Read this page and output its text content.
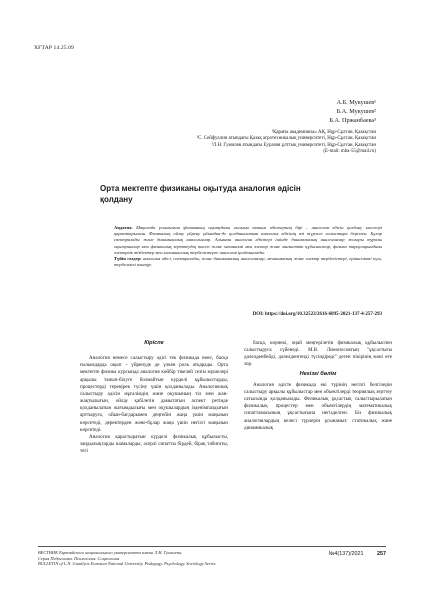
ХҒТАР 14.25.09
А.Б. Мукушев¹
Б.А. Мукушев²
Б.А. Пржанбаева³
¹Қарағы академиясы» АҚ, Нұр-Сұлтан, Қазақстан
²С. Сейфуллин атындағы Қазақ агротехникалық университеті, Нұр-Сұлтан, Қазақстан
³Л.Н. Гумилев атындағы Еуразия ұлттық университеті, Нұр-Сұлтан, Қазақстан
(E-mail: mba-55@mail.ru)
Орта мектепте физиканы оқытуда аналогия әдісін
қолдану

Аңдатпа. Мақалада ұсынылған физиканың оқытудағы ғылыми таным әдістерінің бірі – аналогия әдісін қолдану мәселері қарастырылған. Физикалық ойлау үйрену ұйымдан-де қолданылатын аналогия әдісінің өзі түрлеге салыстыра берілген. Бұлар спектральды және динамикалық аналогиялар. Алынған аналогия әдістері ішінде динамикалық аналогиялар жоғары туралы оқытушылар мен физикалық зерттеудің тәсілі және механизмі мен электр және магниттік құбылыстар, физика тарауларындағы электрлік тізбектер мен механикалық тербелістерге аналогия қолданылады.

Түйін сөздер: аналогия әдісі, спектральды, және динамикалық аналогиялар, механикалық және электр тербелістері, еріншілікті күш, тербелмелі контур.

DOI: https://doi.org/10.32523/2616-6895-2021-137-4-257-293
Кіріспе

Аналогия немесе салыстыру әдісі тек физикада емес, басқа ғылымдарда оқып – үйренуде де үлкен роль атқарады. Орта мектепте физика курсында аналогия көйбір тікелей сезім мүшелері арқылы танып-білуге болмайтын күрделі құбылыстарды, процестерді тереңірек түсіну үшін қолданылады. Аналогиялық салыстыру әдісін мұғалімдің және оқушының тіл мен жан-жақтылығын, ойлау қабілетін дамытатын аспект ретінде қолданылатын жағымдылығы мен оқушылардың ізденімпаздығын арттыруға, ойын-бағдарымен деңгейін жаңа үшін маңызын көрсетеді, деректерден және-бұлар жаңа үшін негізгі маңызын көрсетеді.

Аналогия қарастыратын күрделі физикалық құбылысты, заңдылықтарды шамаларды, әсерлі сипатты бірдей, бірақ табиғаты, тегі

басқа, көрнекі, оңай меңгерілетін физикалық құбылыспен салыстыруға сүйенеді. М.В. Ломоносовтың "ұқсастығы дәлелденбейді, дәлелденгенді түсіндіреді" деген пікірінің мәні өте зор.

Негізгі бөлім

Аналогия әдісте физикада екі түрінің негізгі белгілерін салыстыру арқылы құбылыстар мен объектілерді теориялық зерттеу сатысында қолданылады. Физикалық ұқсастық салыстырылатын физикалық процестер мен объектілердің математикалық сипаттамасының ұқсастығына негізделген. Біз физикалық аналогиялардың келесі түрлерін ұсынамыз: статикалық және динамикалық

ВЕСТНИК Евразийского национального университета имени Л.Н. Гумилева.
Серия Педагогика. Психология. Социология
BULLETIN of L.N. Gumilyov Eurasian National University. Pedagogy. Psychology. Sociology Series
№4(137)/2021	257
